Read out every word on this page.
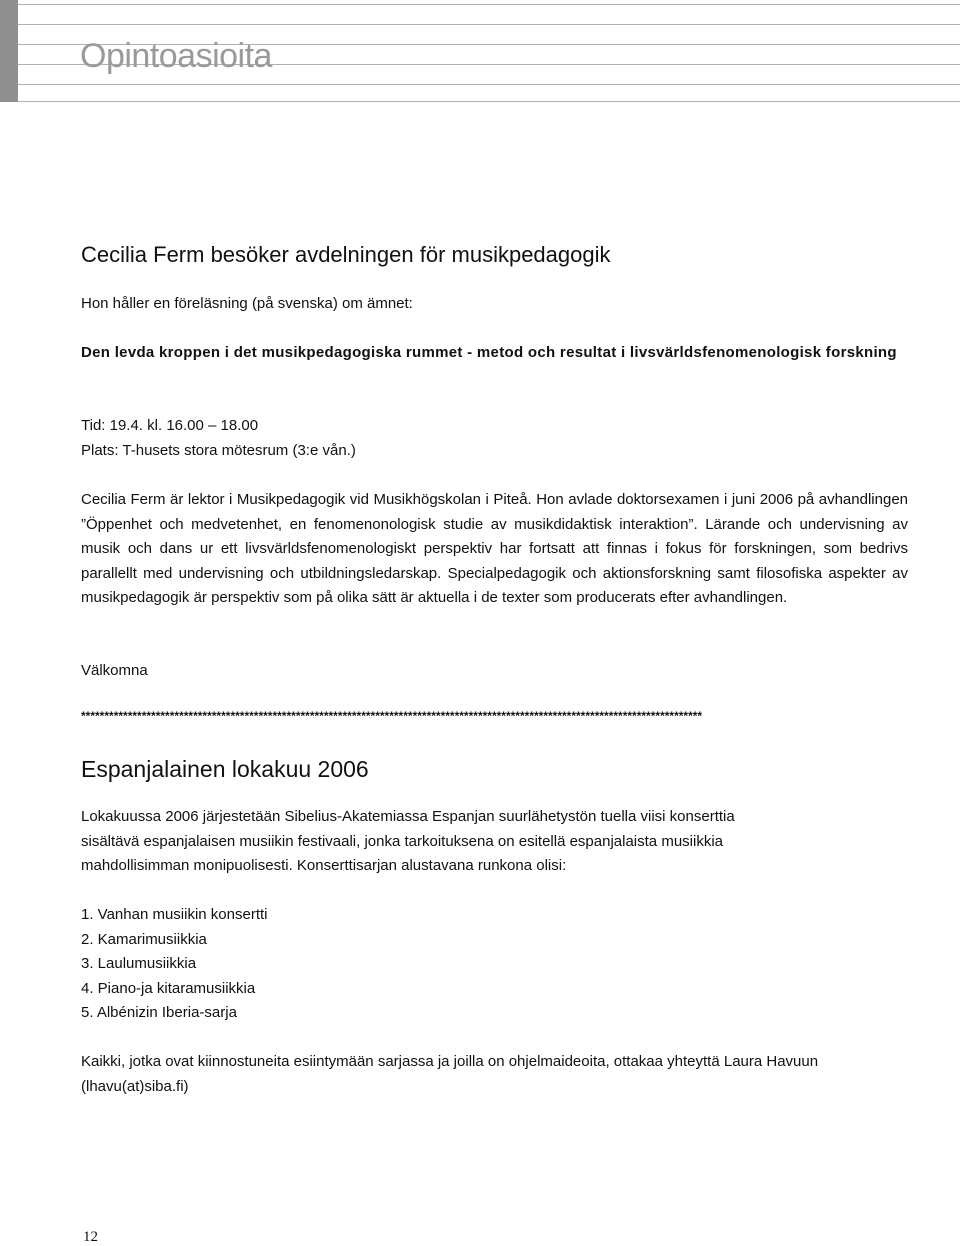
Opintoasioita
Cecilia Ferm besöker avdelningen för musikpedagogik

Hon håller en föreläsning (på svenska) om ämnet:

Den levda kroppen i det musikpedagogiska rummet - metod och resultat i livsvärldsfenomenologisk forskning

Tid: 19.4. kl. 16.00 – 18.00

Plats: T-husets stora mötesrum (3:e vån.)

Cecilia Ferm är lektor i Musikpedagogik vid Musikhögskolan i Piteå. Hon avlade doktorsexamen i juni 2006 på avhandlingen ”Öppenhet och medvetenhet, en fenomenonologisk studie av musikdidaktisk interaktion”. Lärande och undervisning av musik och dans ur ett livsvärldsfenomenologiskt perspektiv har fortsatt att finnas i fokus för forskningen, som bedrivs parallellt med undervisning och utbildningsledarskap. Specialpedagogik och aktionsforskning samt filosofiska aspekter av musikpedagogik är perspektiv som på olika sätt är aktuella i de texter som producerats efter avhandlingen.

Välkomna

*************************************************************************************************************************************

Espanjalainen lokakuu 2006

Lokakuussa 2006 järjestetään Sibelius-Akatemiassa Espanjan suurlähetystön tuella viisi konserttia sisältävä espanjalaisen musiikin festivaali, jonka tarkoituksena on esitellä espanjalaista musiikkia mahdollisimman monipuolisesti. Konserttisarjan alustavana runkona olisi:

1. Vanhan musiikin konsertti
2. Kamarimusiikkia
3. Laulumusiikkia
4. Piano-ja kitaramusiikkia
5. Albénizin Iberia-sarja

Kaikki, jotka ovat kiinnostuneita esiintymään sarjassa ja joilla on ohjelmaideoita, ottakaa yhteyttä Laura Havuun (lhavu(at)siba.fi)

12
